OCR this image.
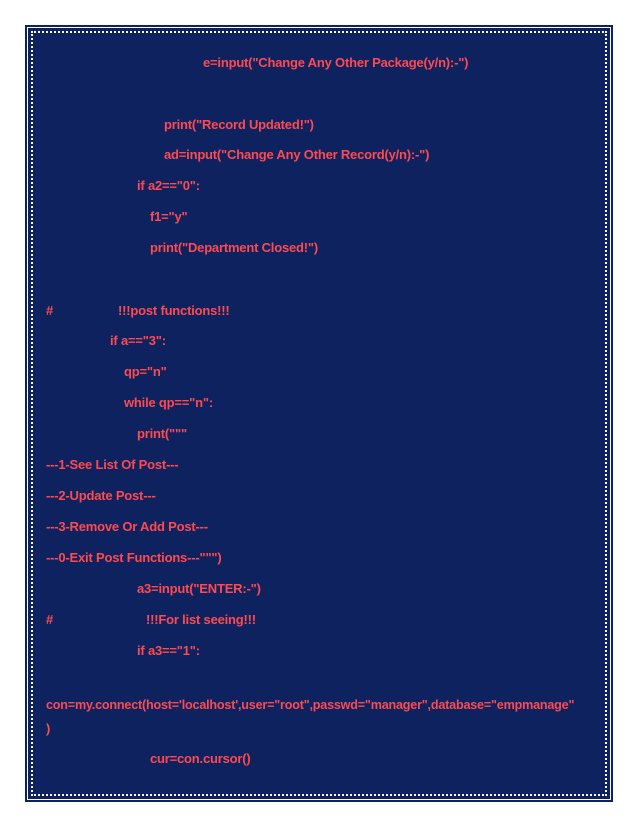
e=input("Change Any Other Package(y/n):-")

print("Record Updated!")

ad=input("Change Any Other Record(y/n):-")

if a2=="0":

f1="y"

print("Department Closed!")

#	!!!post functions!!!

if a=="3":

qp="n"

while qp=="n":

print("""

---1-See List Of Post---

---2-Update Post---

---3-Remove Or Add Post---

---0-Exit Post Functions---""")

a3=input("ENTER:-")

#	!!!For list seeing!!!

if a3=="1":

con=my.connect(host='localhost',user="root",passwd="manager",database="empmanage"

)

cur=con.cursor()
